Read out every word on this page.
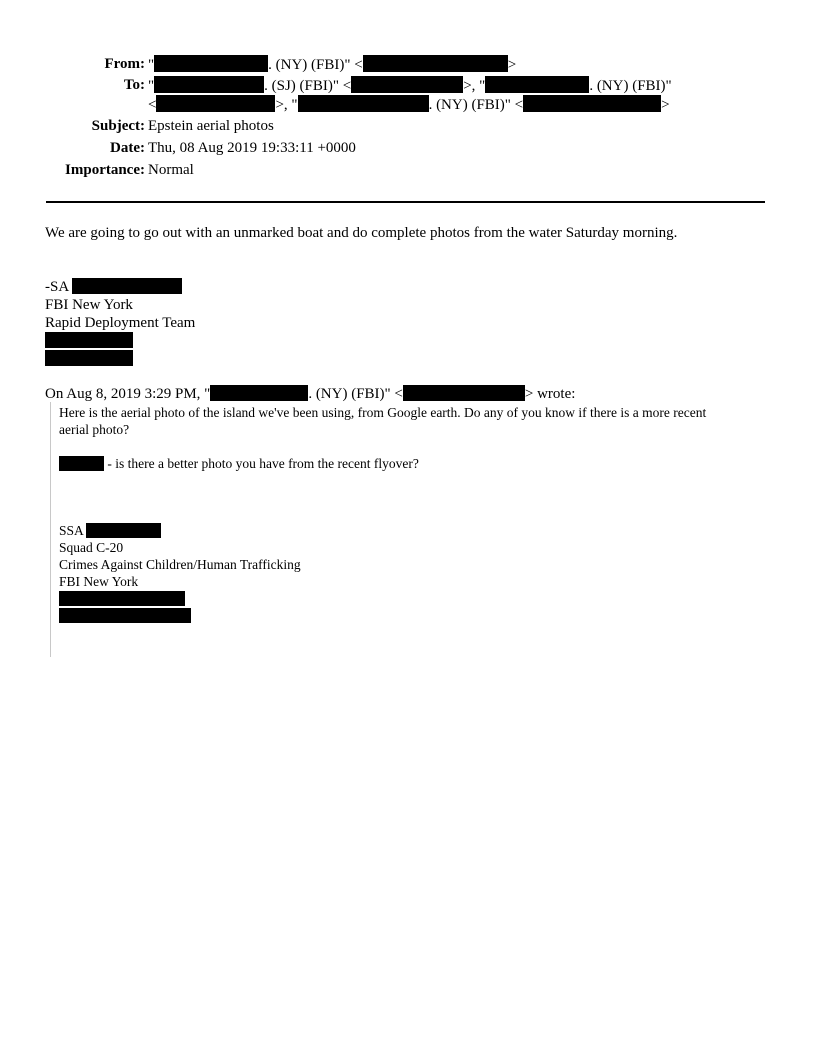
From: "	. (NY) (FBI)" <	>
To: "	. (SJ) (FBI)" <	>, "	. (NY) (FBI)"
<	>, "	. (NY) (FBI)" <	>
Subject: Epstein aerial photos
Date: Thu, 08 Aug 2019 19:33:11 +0000
Importance: Normal
We are going to go out with an unmarked boat and do complete photos from the water Saturday morning.
-SA
FBI New York
Rapid Deployment Team
On Aug 8, 2019 3:29 PM, "	. (NY) (FBI)" <	> wrote:
Here is the aerial photo of the island we've been using, from Google earth. Do any of you know if there is a more recent
aerial photo?
- is there a better photo you have from the recent flyover?
SSA
Squad C-20
Crimes Against Children/Human Trafficking
FBI New York
